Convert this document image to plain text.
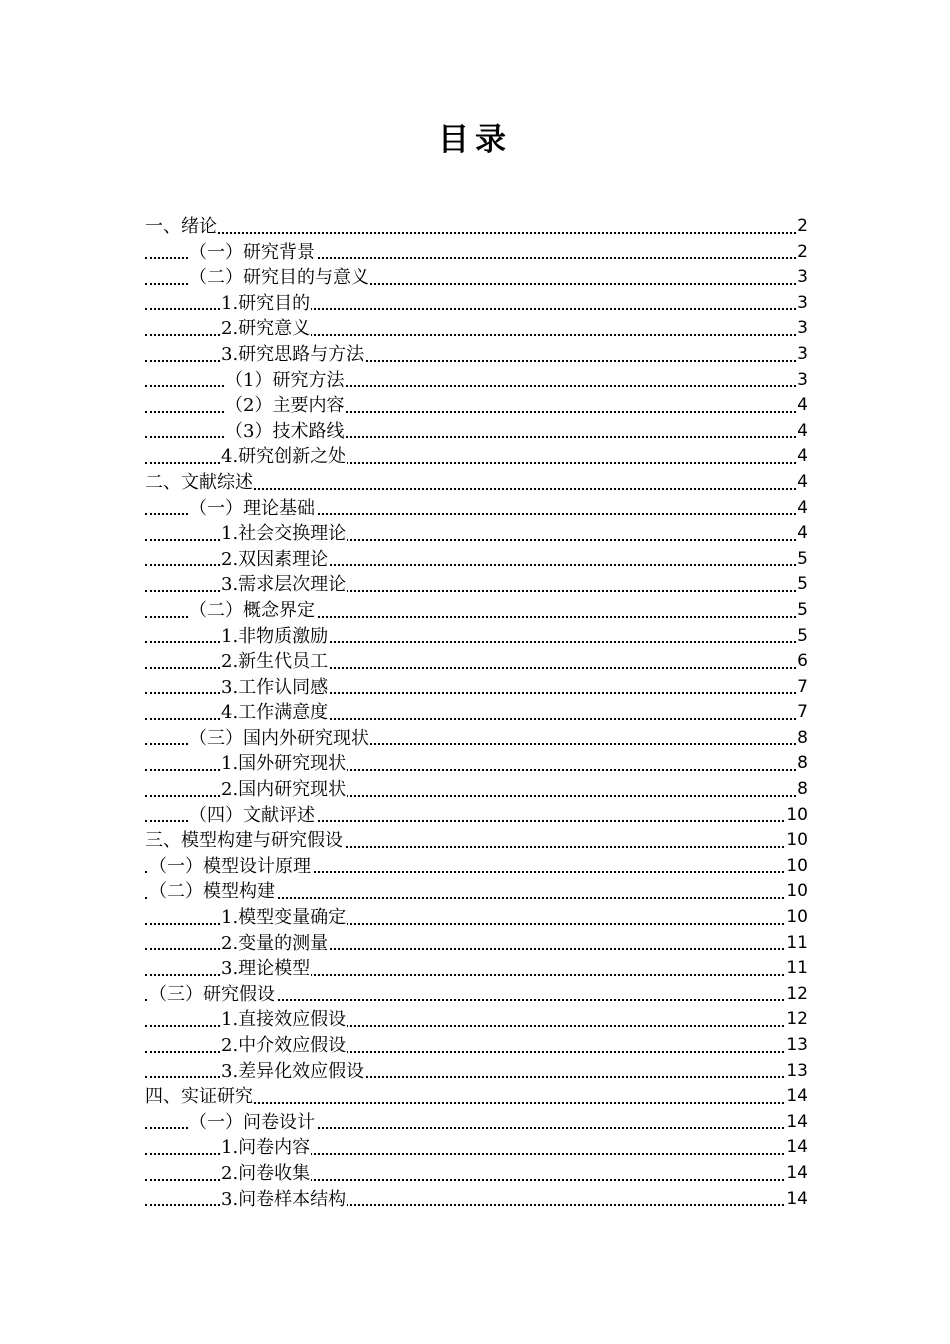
目录
一、绪论	2
（一）研究背景	2
（二）研究目的与意义	3
1.研究目的	3
2.研究意义	3
3.研究思路与方法	3
（1）研究方法	3
（2）主要内容	4
（3）技术路线	4
4.研究创新之处	4
二、文献综述	4
（一）理论基础	4
1.社会交换理论	4
2.双因素理论	5
3.需求层次理论	5
（二）概念界定	5
1.非物质激励	5
2.新生代员工	6
3.工作认同感	7
4.工作满意度	7
（三）国内外研究现状	8
1.国外研究现状	8
2.国内研究现状	8
（四）文献评述	10
三、模型构建与研究假设	10
（一）模型设计原理	10
（二）模型构建	10
1.模型变量确定	10
2.变量的测量	11
3.理论模型	11
（三）研究假设	12
1.直接效应假设	12
2.中介效应假设	13
3.差异化效应假设	13
四、实证研究	14
（一）问卷设计	14
1.问卷内容	14
2.问卷收集	14
3.问卷样本结构	14
